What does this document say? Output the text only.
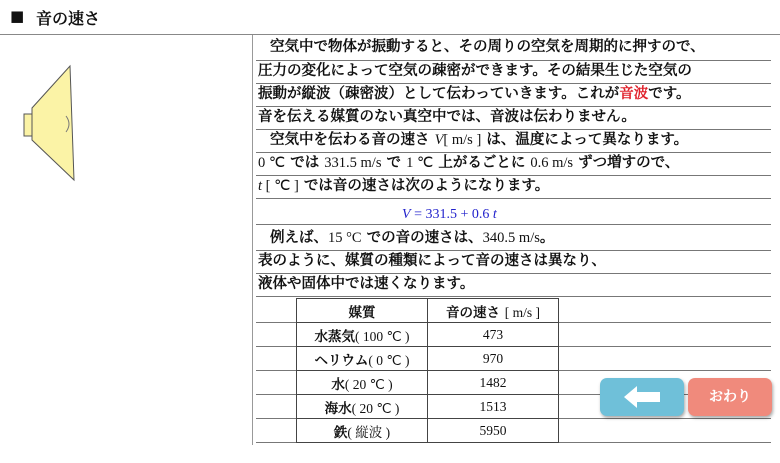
■ 音の速さ
空気中で物体が振動すると、その周りの空気を周期的に押すので、
圧力の変化によって空気の疎密ができます。その結果生じた空気の
振動が縦波（疎密波）として伝わっていきます。これが音波です。
音を伝える媒質のない真空中では、音波は伝わりません。
空気中を伝わる音の速さ V[ m/s ] は、温度によって異なります。
0 ℃ では 331.5 m/s で 1 ℃ 上がるごとに 0.6 m/s ずつ増すので、
t [ ℃ ] では音の速さは次のようになります。
V = 331.5 + 0.6 t
例えば、15 °C での音の速さは、340.5 m/s。
表のように、媒質の種類によって音の速さは異なり、
液体や固体中では速くなります。
媒質	音の速さ [ m/s ]
水蒸気( 100 ℃ )	473
ヘリウム( 0 ℃ )	970
水( 20 ℃ )	1482
海水( 20 ℃ )	1513
鉄( 縦波 )	5950
おわり
